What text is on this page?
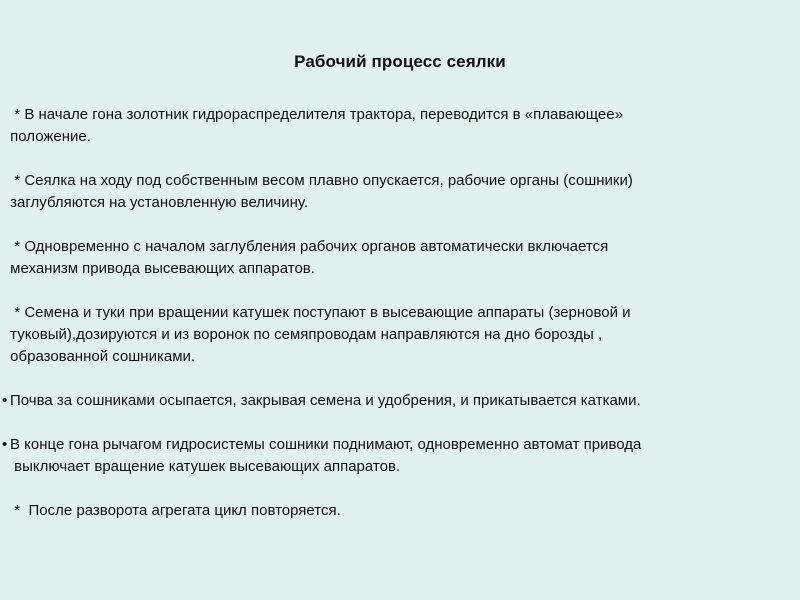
Рабочий процесс сеялки

* В начале гона золотник гидрораспределителя трактора, переводится в «плавающее»
положение.

* Сеялка на ходу под собственным весом плавно опускается, рабочие органы (сошники)
заглубляются на установленную величину.

* Одновременно с началом заглубления рабочих органов автоматически включается
механизм привода высевающих аппаратов.

* Семена и туки при вращении катушек поступают в высевающие аппараты (зерновой и
туковый),дозируются и из воронок по семяпроводам направляются на дно борозды ,
образованной сошниками.

• Почва за сошниками осыпается, закрывая семена и удобрения, и прикатывается катками.

• В конце гона рычагом гидросистемы сошники поднимают, одновременно автомат привода
выключает вращение катушек высевающих аппаратов.

*  После разворота агрегата цикл повторяется.
